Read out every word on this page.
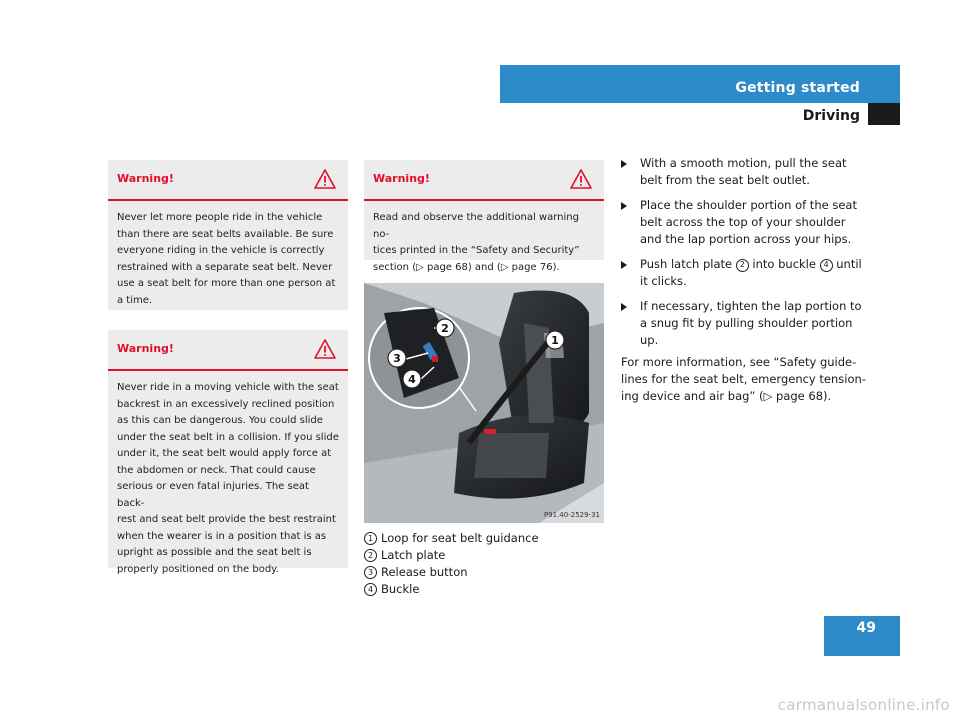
Getting started
Driving
Warning!
Never let more people ride in the vehicle
than there are seat belts available. Be sure
everyone riding in the vehicle is correctly
restrained with a separate seat belt. Never
use a seat belt for more than one person at
a time.
Warning!
Never ride in a moving vehicle with the seat
backrest in an excessively reclined position
as this can be dangerous. You could slide
under the seat belt in a collision. If you slide
under it, the seat belt would apply force at
the abdomen or neck. That could cause
serious or even fatal injuries. The seat back-
rest and seat belt provide the best restraint
when the wearer is in a position that is as
upright as possible and the seat belt is
properly positioned on the body.
Warning!
Read and observe the additional warning no-
tices printed in the “Safety and Security”
section (▷ page 68) and (▷ page 76).
1
2
3
4
P91.40-2529-31
1 Loop for seat belt guidance
2 Latch plate
3 Release button
4 Buckle
With a smooth motion, pull the seat
belt from the seat belt outlet.
Place the shoulder portion of the seat
belt across the top of your shoulder
and the lap portion across your hips.
Push latch plate 2 into buckle 4 until
it clicks.
If necessary, tighten the lap portion to
a snug fit by pulling shoulder portion
up.
For more information, see “Safety guide-
lines for the seat belt, emergency tension-
ing device and air bag” (▷ page 68).
49
carmanualsonline.info
